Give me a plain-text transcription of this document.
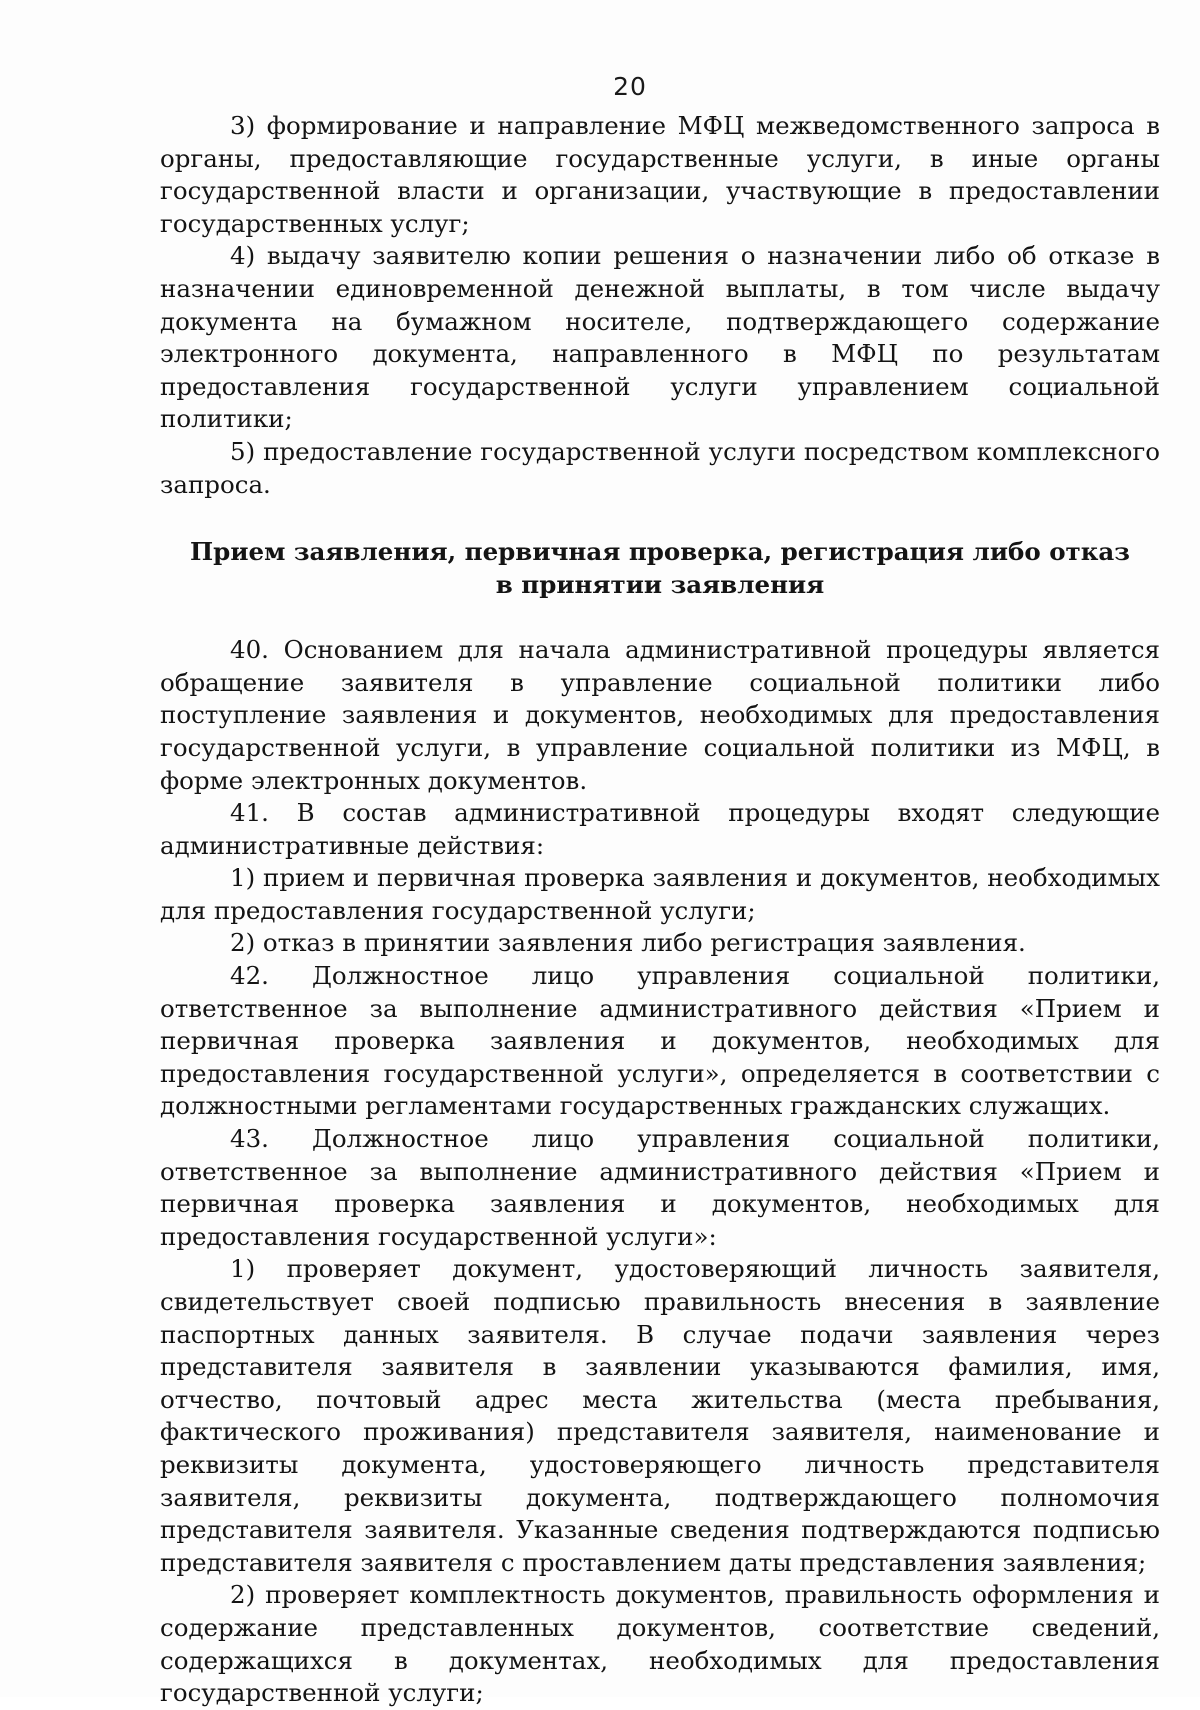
20

3) формирование и направление МФЦ межведомственного запроса в органы, предоставляющие государственные услуги, в иные органы государственной власти и организации, участвующие в предоставлении государственных услуг;

4) выдачу заявителю копии решения о назначении либо об отказе в назначении единовременной денежной выплаты, в том числе выдачу документа на бумажном носителе, подтверждающего содержание электронного документа, направленного в МФЦ по результатам предоставления государственной услуги управлением социальной политики;

5) предоставление государственной услуги посредством комплексного запроса.

Прием заявления, первичная проверка, регистрация либо отказ
в принятии заявления

40. Основанием для начала административной процедуры является обращение заявителя в управление социальной политики либо поступление заявления и документов, необходимых для предоставления государственной услуги, в управление социальной политики из МФЦ, в форме электронных документов.

41. В состав административной процедуры входят следующие административные действия:

1) прием и первичная проверка заявления и документов, необходимых для предоставления государственной услуги;

2) отказ в принятии заявления либо регистрация заявления.

42. Должностное лицо управления социальной политики, ответственное за выполнение административного действия «Прием и первичная проверка заявления и документов, необходимых для предоставления государственной услуги», определяется в соответствии с должностными регламентами государственных гражданских служащих.

43. Должностное лицо управления социальной политики, ответственное за выполнение административного действия «Прием и первичная проверка заявления и документов, необходимых для предоставления государственной услуги»:

1) проверяет документ, удостоверяющий личность заявителя, свидетельствует своей подписью правильность внесения в заявление паспортных данных заявителя. В случае подачи заявления через представителя заявителя в заявлении указываются фамилия, имя, отчество, почтовый адрес места жительства (места пребывания, фактического проживания) представителя заявителя, наименование и реквизиты документа, удостоверяющего личность представителя заявителя, реквизиты документа, подтверждающего полномочия представителя заявителя. Указанные сведения подтверждаются подписью представителя заявителя с проставлением даты представления заявления;

2) проверяет комплектность документов, правильность оформления и содержание представленных документов, соответствие сведений, содержащихся в документах, необходимых для предоставления государственной услуги;
